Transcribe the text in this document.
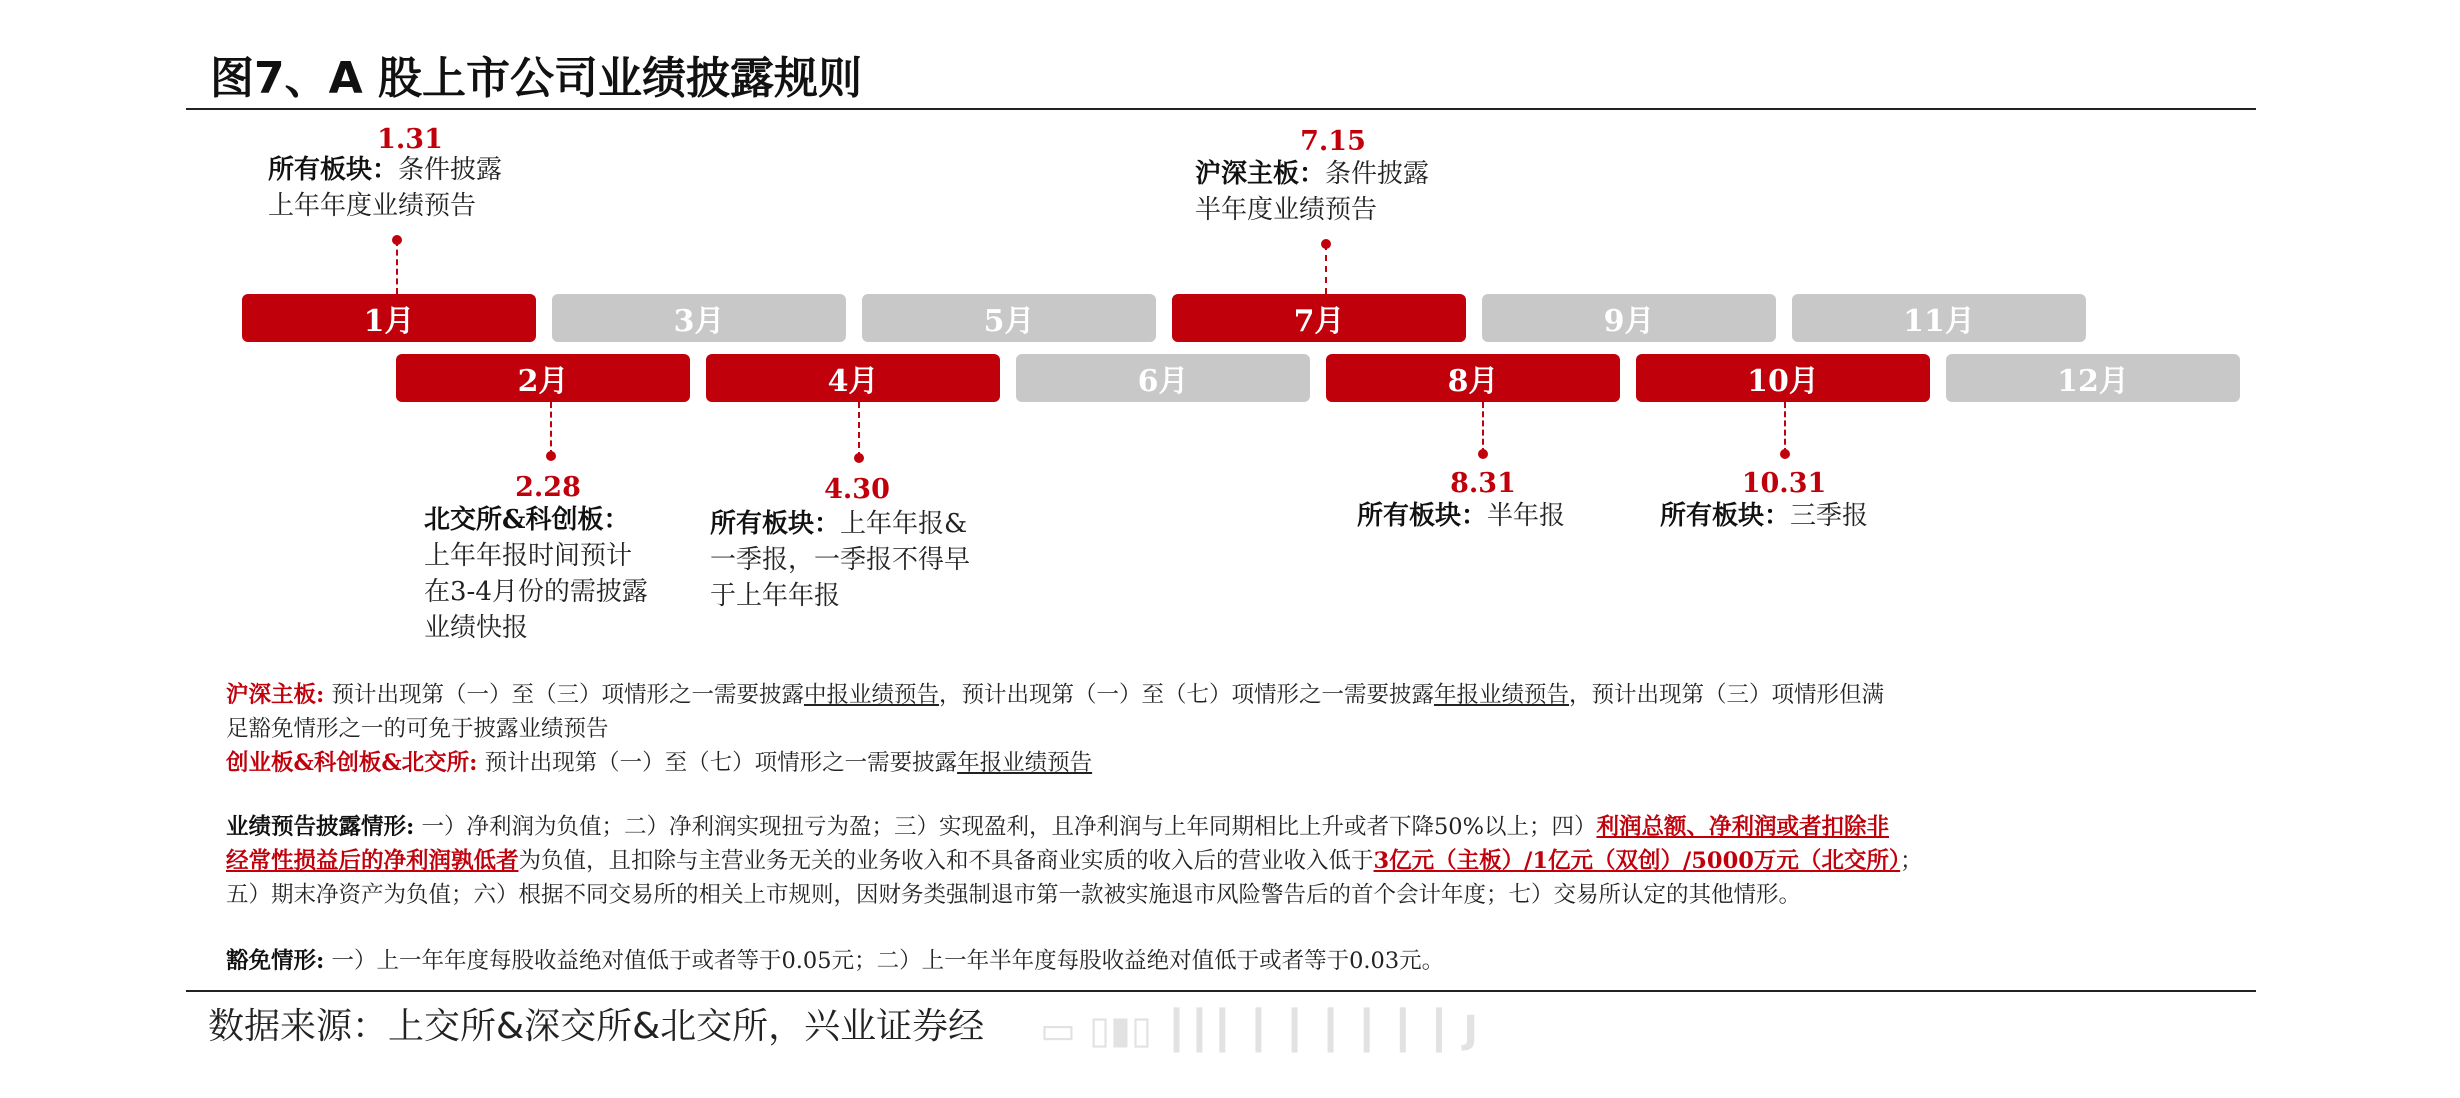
图7、A 股上市公司业绩披露规则
1月	3月	5月	7月	9月	11月
2月	4月	6月	8月	10月	12月
1.31
所有板块：条件披露
上年年度业绩预告
7.15
沪深主板：条件披露
半年度业绩预告
2.28
北交所&科创板：
上年年报时间预计
在3-4月份的需披露
业绩快报
4.30
所有板块：上年年报&
一季报，一季报不得早
于上年年报
8.31
所有板块：半年报
10.31
所有板块：三季报
沪深主板: 预计出现第（一）至（三）项情形之一需要披露中报业绩预告，预计出现第（一）至（七）项情形之一需要披露年报业绩预告，预计出现第（三）项情形但满
足豁免情形之一的可免于披露业绩预告
创业板&科创板&北交所: 预计出现第（一）至（七）项情形之一需要披露年报业绩预告
业绩预告披露情形: 一）净利润为负值；二）净利润实现扭亏为盈；三）实现盈利，且净利润与上年同期相比上升或者下降50%以上；四）利润总额、净利润或者扣除非
经常性损益后的净利润孰低者为负值，且扣除与主营业务无关的业务收入和不具备商业实质的收入后的营业收入低于3亿元（主板）/1亿元（双创）/5000万元（北交所）；
五）期末净资产为负值；六）根据不同交易所的相关上市规则，因财务类强制退市第一款被实施退市风险警告后的首个会计年度；七）交易所认定的其他情形。
豁免情形: 一）上一年年度每股收益绝对值低于或者等于0.05元；二）上一年半年度每股收益绝对值低于或者等于0.03元。
数据来源：上交所&深交所&北交所，兴业证券经 ▭ ▯▮▯ ┃┃┃ ┃ ┃ ┃ ┃ ┃ ┃ J
